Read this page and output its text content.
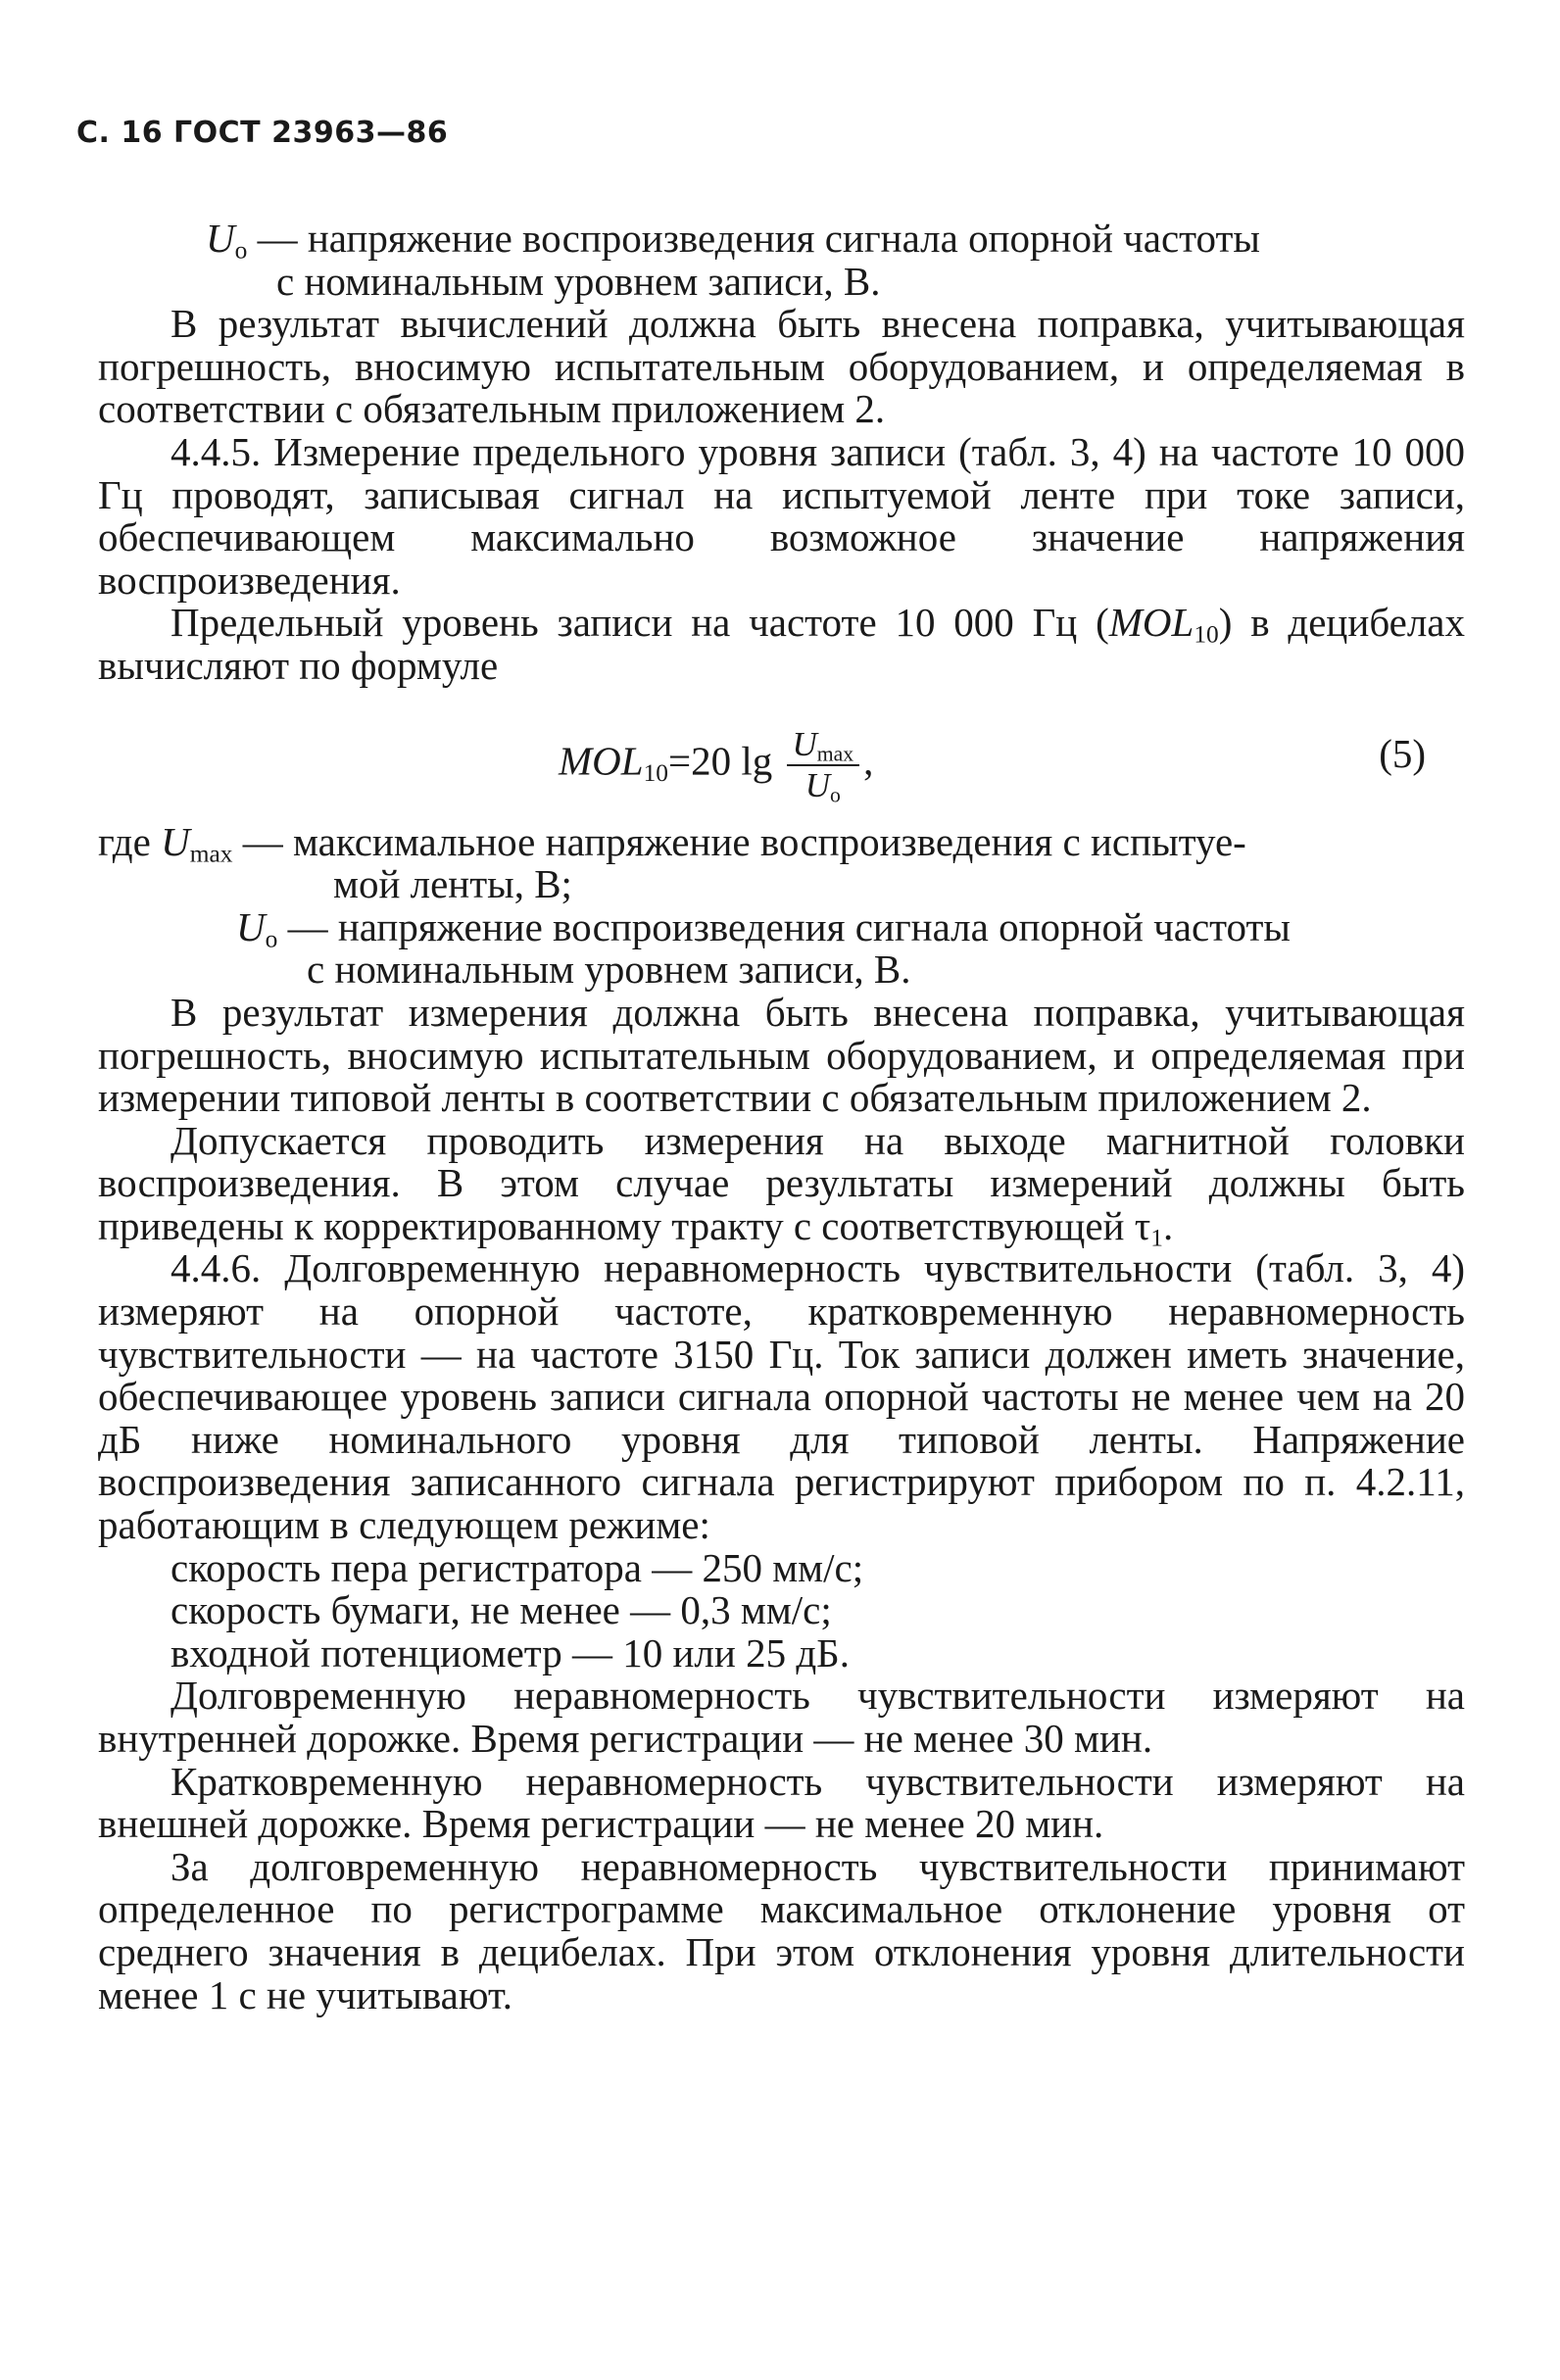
С. 16 ГОСТ 23963—86
$U_о$ — напряжение воспроизведения сигнала опорной частоты
с номинальным уровнем записи, В.

В результат вычислений должна быть внесена поправка, учитывающая погрешность, вносимую испытательным оборудованием, и определяемая в соответствии с обязательным приложением 2.

4.4.5. Измерение предельного уровня записи (табл. 3, 4) на частоте 10 000 Гц проводят, записывая сигнал на испытуемой ленте при токе записи, обеспечивающем максимально возможное значение напряжения воспроизведения.

Предельный уровень записи на частоте 10 000 Гц $(MOL_{10})$ в децибелах вычисляют по формуле

$MOL_{10}=20$ $\lg \frac{U_{max}}{U_о}$ ,	(5)
где $U_{max}$ — максимальное напряжение воспроизведения с испытуе-
мой ленты, В;
$U_о$ — напряжение воспроизведения сигнала опорной частоты
с номинальным уровнем записи, В.

В результат измерения должна быть внесена поправка, учитывающая погрешность, вносимую испытательным оборудованием, и определяемая при измерении типовой ленты в соответствии с обязательным приложением 2.

Допускается проводить измерения на выходе магнитной головки воспроизведения. В этом случае результаты измерений должны быть приведены к корректированному тракту с соответствующей $\tau_1$.

4.4.6. Долговременную неравномерность чувствительности (табл. 3, 4) измеряют на опорной частоте, кратковременную неравномерность чувствительности — на частоте 3150 Гц. Ток записи должен иметь значение, обеспечивающее уровень записи сигнала опорной частоты не менее чем на 20 дБ ниже номинального уровня для типовой ленты. Напряжение воспроизведения записанного сигнала регистрируют прибором по п. 4.2.11, работающим в следующем режиме:

скорость пера регистратора — 250 мм/с;

скорость бумаги, не менее — 0,3 мм/с;

входной потенциометр — 10 или 25 дБ.

Долговременную неравномерность чувствительности измеряют на внутренней дорожке. Время регистрации — не менее 30 мин.

Кратковременную неравномерность чувствительности измеряют на внешней дорожке. Время регистрации — не менее 20 мин.

За долговременную неравномерность чувствительности принимают определенное по регистрограмме максимальное отклонение уровня от среднего значения в децибелах. При этом отклонения уровня длительности менее 1 с не учитывают.
